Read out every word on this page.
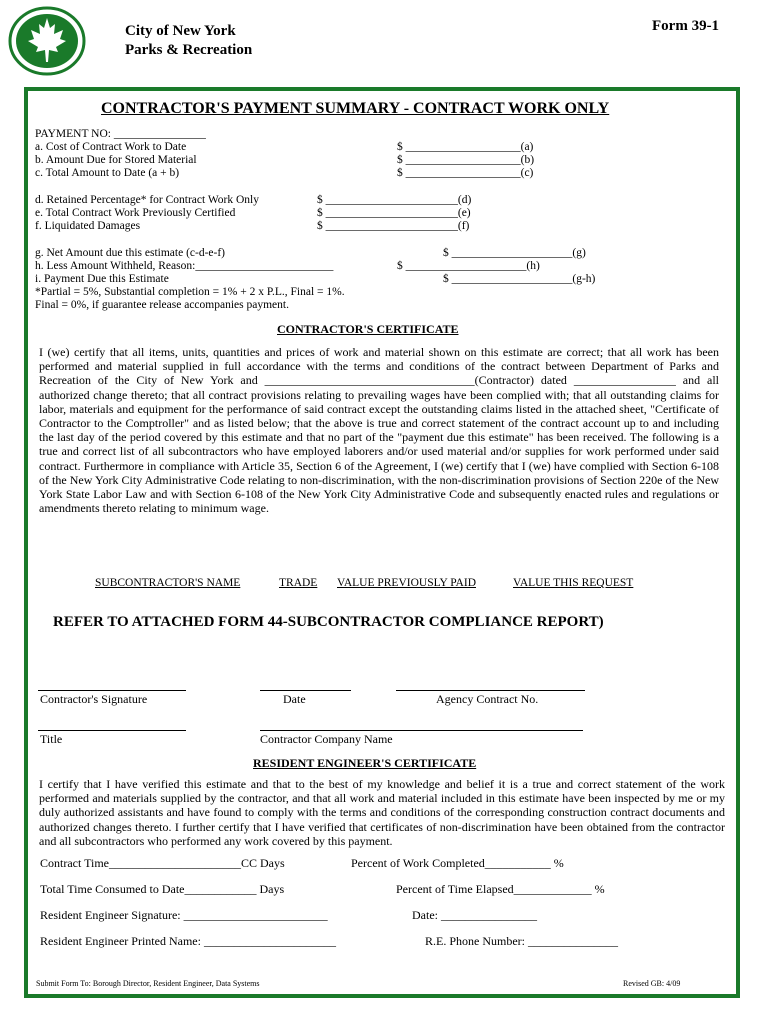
City of New York
Parks & Recreation
Form 39-1
CONTRACTOR'S PAYMENT SUMMARY - CONTRACT WORK ONLY
PAYMENT NO: ________________
a. Cost of Contract Work to Date	$ ____________________(a)
b. Amount Due for Stored Material	$ ____________________(b)
c. Total Amount to Date (a + b)	$ ____________________(c)
d. Retained Percentage* for Contract Work Only	$ _______________________(d)
e. Total Contract Work Previously Certified	$ _______________________(e)
f. Liquidated Damages	$ _______________________(f)
g. Net Amount due this estimate (c-d-e-f)	$ _____________________(g)
h. Less Amount Withheld, Reason:________________________	$ _____________________(h)
i. Payment Due this Estimate	$ _____________________(g-h)
*Partial = 5%, Substantial completion = 1% + 2 x P.L., Final = 1%.
Final = 0%, if guarantee release accompanies payment.
CONTRACTOR'S CERTIFICATE
I (we) certify that all items, units, quantities and prices of work and material shown on this estimate are correct; that all work has been performed and material supplied in full accordance with the terms and conditions of the contract between Department of Parks and Recreation of the City of New York and ___________________________________(Contractor) dated _________________ and all authorized change thereto; that all contract provisions relating to prevailing wages have been complied with; that all outstanding claims for labor, materials and equipment for the performance of said contract except the outstanding claims listed in the attached sheet, "Certificate of Contractor to the Comptroller" and as listed below; that the above is true and correct statement of the contract account up to and including the last day of the period covered by this estimate and that no part of the "payment due this estimate" has been received. The following is a true and correct list of all subcontractors who have employed laborers and/or used material and/or supplies for work performed under said contract. Furthermore in compliance with Article 35, Section 6 of the Agreement, I (we) certify that I (we) have complied with Section 6-108 of the New York City Administrative Code relating to non-discrimination, with the non-discrimination provisions of Section 220e of the New York State Labor Law and with Section 6-108 of the New York City Administrative Code and subsequently enacted rules and regulations or amendments thereto relating to minimum wage.
SUBCONTRACTOR'S NAME	TRADE VALUE PREVIOUSLY PAID	VALUE THIS REQUEST
REFER TO ATTACHED FORM 44-SUBCONTRACTOR COMPLIANCE REPORT)
Contractor's Signature	Date	Agency Contract No.
Title	Contractor Company Name
RESIDENT ENGINEER'S CERTIFICATE
I certify that I have verified this estimate and that to the best of my knowledge and belief it is a true and correct statement of the work performed and materials supplied by the contractor, and that all work and material included in this estimate have been inspected by me or my duly authorized assistants and have found to comply with the terms and conditions of the corresponding construction contract documents and authorized changes thereto. I further certify that I have verified that certificates of non-discrimination have been obtained from the contractor and all subcontractors who performed any work covered by this payment.
Contract Time______________________CC Days	Percent of Work Completed___________ %
Total Time Consumed to Date____________ Days	Percent of Time Elapsed_____________ %
Resident Engineer Signature: ________________________	Date: ________________
Resident Engineer Printed Name: ______________________	R.E. Phone Number: _______________
Submit Form To: Borough Director, Resident Engineer, Data Systems	Revised GB: 4/09
